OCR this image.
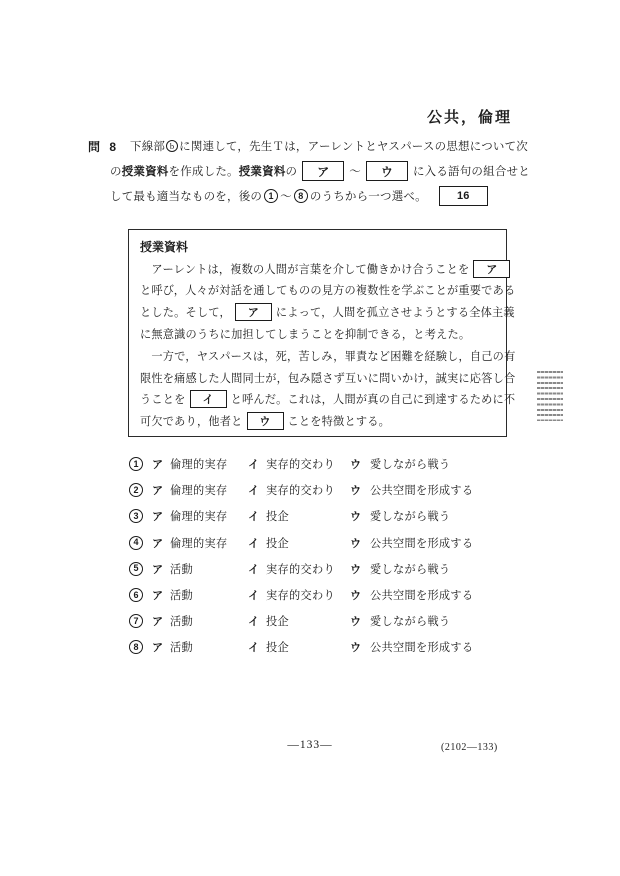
公共，倫理
問 8 下線部 b に関連して，先生Ｔは，アーレントとヤスパースの思想について次
の 授業資料 を作成した。 授業資料 の	ア	～	ウ	に入る語句の組合せと
して最も適当なものを，後の 1 ～ 8 のうちから一つ選べ。	16
授業資料
　アーレントは，複数の人間が言葉を介して働きかけ合うことを	ア
と呼び，人々が対話を通してものの見方の複数性を学ぶことが重要である
とした。そして，	ア	によって，人間を孤立させようとする全体主義
に無意識のうちに加担してしまうことを抑制できる，と考えた。
　一方で，ヤスパースは，死，苦しみ，罪責など困難を経験し，自己の有
限性を痛感した人間同士が，包み隠さず互いに問いかけ，誠実に応答し合
うことを	イ	と呼んだ。これは，人間が真の自己に到達するために不
可欠であり，他者と	ウ	ことを特徴とする。
1	ア 倫理的実存	イ 実存的交わり	ウ 愛しながら戦う
2	ア 倫理的実存	イ 実存的交わり	ウ 公共空間を形成する
3	ア 倫理的実存	イ 投企	ウ 愛しながら戦う
4	ア 倫理的実存	イ 投企	ウ 公共空間を形成する
5	ア 活動	イ 実存的交わり	ウ 愛しながら戦う
6	ア 活動	イ 実存的交わり	ウ 公共空間を形成する
7	ア 活動	イ 投企	ウ 愛しながら戦う
8	ア 活動	イ 投企	ウ 公共空間を形成する
—133—	(2102—133)
